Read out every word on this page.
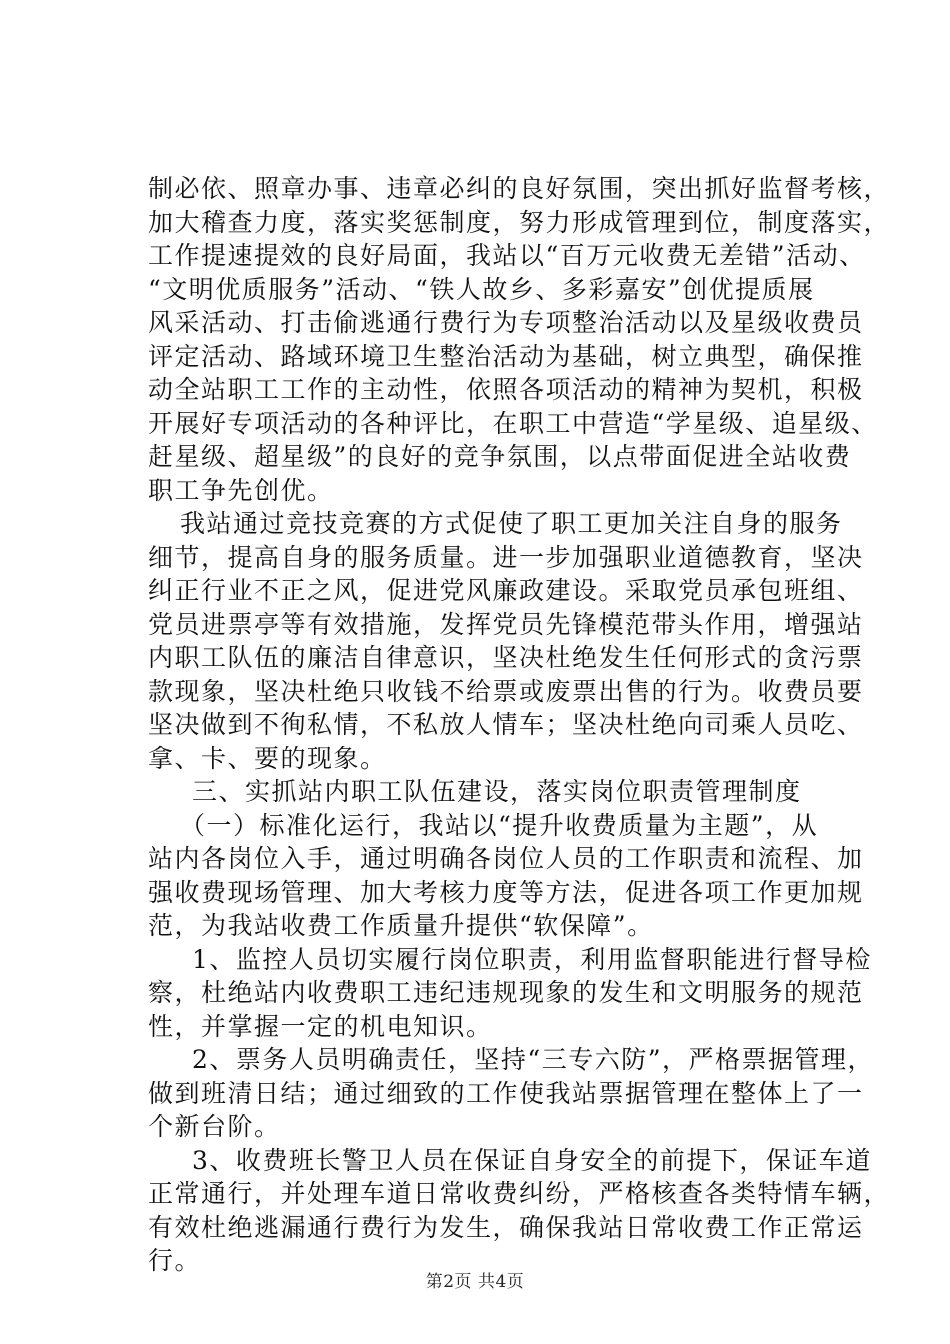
制必依、照章办事、违章必纠的良好氛围，突出抓好监督考核，
加大稽查力度，落实奖惩制度，努力形成管理到位，制度落实，
工作提速提效的良好局面，我站以“百万元收费无差错”活动、
“文明优质服务”活动、“铁人故乡、多彩嘉安”创优提质展
风采活动、打击偷逃通行费行为专项整治活动以及星级收费员
评定活动、路域环境卫生整治活动为基础，树立典型，确保推
动全站职工工作的主动性，依照各项活动的精神为契机，积极
开展好专项活动的各种评比，在职工中营造“学星级、追星级、
赶星级、超星级”的良好的竞争氛围，以点带面促进全站收费
职工争先创优。
我站通过竞技竞赛的方式促使了职工更加关注自身的服务
细节，提高自身的服务质量。进一步加强职业道德教育，坚决
纠正行业不正之风，促进党风廉政建设。采取党员承包班组、
党员进票亭等有效措施，发挥党员先锋模范带头作用，增强站
内职工队伍的廉洁自律意识，坚决杜绝发生任何形式的贪污票
款现象，坚决杜绝只收钱不给票或废票出售的行为。收费员要
坚决做到不徇私情，不私放人情车；坚决杜绝向司乘人员吃、
拿、卡、要的现象。
三、实抓站内职工队伍建设，落实岗位职责管理制度
（一）标准化运行，我站以“提升收费质量为主题”，从
站内各岗位入手，通过明确各岗位人员的工作职责和流程、加
强收费现场管理、加大考核力度等方法，促进各项工作更加规
范，为我站收费工作质量升提供“软保障”。
1、监控人员切实履行岗位职责，利用监督职能进行督导检
察，杜绝站内收费职工违纪违规现象的发生和文明服务的规范
性，并掌握一定的机电知识。
2、票务人员明确责任，坚持“三专六防”，严格票据管理，
做到班清日结；通过细致的工作使我站票据管理在整体上了一
个新台阶。
3、收费班长警卫人员在保证自身安全的前提下，保证车道
正常通行，并处理车道日常收费纠纷，严格核查各类特情车辆，
有效杜绝逃漏通行费行为发生，确保我站日常收费工作正常运
行。
第2页 共4页
